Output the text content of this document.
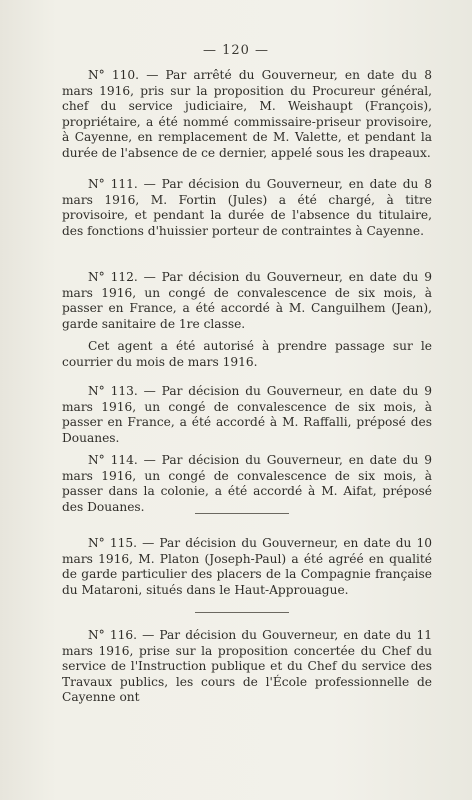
— 120 —

N° 110. — Par arrêté du Gouverneur, en date du 8 mars 1916, pris sur la proposition du Procureur général, chef du service judiciaire, M. Weishaupt (François), propriétaire, a été nommé commissaire-priseur provisoire, à Cayenne, en remplacement de M. Valette, et pendant la durée de l'absence de ce dernier, appelé sous les drapeaux.

N° 111. — Par décision du Gouverneur, en date du 8 mars 1916, M. Fortin (Jules) a été chargé, à titre provisoire, et pendant la durée de l'absence du titulaire, des fonctions d'huissier porteur de contraintes à Cayenne.

N° 112. — Par décision du Gouverneur, en date du 9 mars 1916, un congé de convalescence de six mois, à passer en France, a été accordé à M. Canguilhem (Jean), garde sanitaire de 1re classe.

Cet agent a été autorisé à prendre passage sur le courrier du mois de mars 1916.

N° 113. — Par décision du Gouverneur, en date du 9 mars 1916, un congé de convalescence de six mois, à passer en France, a été accordé à M. Raffalli, préposé des Douanes.

N° 114. — Par décision du Gouverneur, en date du 9 mars 1916, un congé de convalescence de six mois, à passer dans la colonie, a été accordé à M. Aifat, préposé des Douanes.

N° 115. — Par décision du Gouverneur, en date du 10 mars 1916, M. Platon (Joseph-Paul) a été agréé en qualité de garde particulier des placers de la Compagnie française du Mataroni, situés dans le Haut-Approuague.

N° 116. — Par décision du Gouverneur, en date du 11 mars 1916, prise sur la proposition concertée du Chef du service de l'Instruction publique et du Chef du service des Travaux publics, les cours de l'École professionnelle de Cayenne ont
